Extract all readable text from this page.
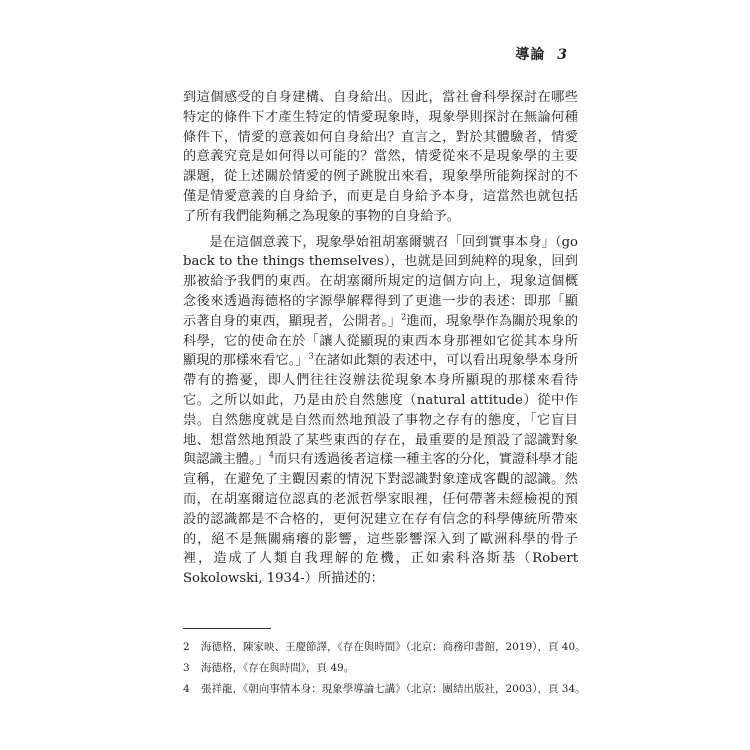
導論 3

到這個感受的自身建構、自身給出。因此，當社會科學探討在哪些特定的條件下才產生特定的情愛現象時，現象學則探討在無論何種條件下，情愛的意義如何自身給出？直言之，對於其體驗者，情愛的意義究竟是如何得以可能的？當然，情愛從來不是現象學的主要課題，從上述關於情愛的例子跳脫出來看，現象學所能夠探討的不僅是情愛意義的自身給予，而更是自身給予本身，這當然也就包括了所有我們能夠稱之為現象的事物的自身給予。

是在這個意義下，現象學始祖胡塞爾號召「回到實事本身」（go back to the things themselves），也就是回到純粹的現象，回到那被給予我們的東西。在胡塞爾所規定的這個方向上，現象這個概念後來透過海德格的字源學解釋得到了更進一步的表述：即那「顯示著自身的東西，顯現者，公開者。」$^2$進而，現象學作為關於現象的科學，它的使命在於「讓人從顯現的東西本身那裡如它從其本身所顯現的那樣來看它。」$^3$在諸如此類的表述中，可以看出現象學本身所帶有的擔憂，即人們往往沒辦法從現象本身所顯現的那樣來看待它。之所以如此，乃是由於自然態度（natural attitude）從中作祟。自然態度就是自然而然地預設了事物之存有的態度，「它盲目地、想當然地預設了某些東西的存在，最重要的是預設了認識對象與認識主體。」$^4$而只有透過後者這樣一種主客的分化，實證科學才能宣稱，在避免了主觀因素的情況下對認識對象達成客觀的認識。然而，在胡塞爾這位認真的老派哲學家眼裡，任何帶著未經檢視的預設的認識都是不合格的，更何況建立在存有信念的科學傳統所帶來的，絕不是無關痛癢的影響，這些影響深入到了歐洲科學的骨子裡，造成了人類自我理解的危機，正如索科洛斯基（Robert Sokolowski, 1934-）所描述的：

2 海德格，陳家映、王慶節譯，《存在與時間》（北京：商務印書館，2019），頁 40。
3 海德格，《存在與時間》，頁 49。
4 張祥龍，《朝向事情本身：現象學導論七講》（北京：團結出版社，2003），頁 34。
